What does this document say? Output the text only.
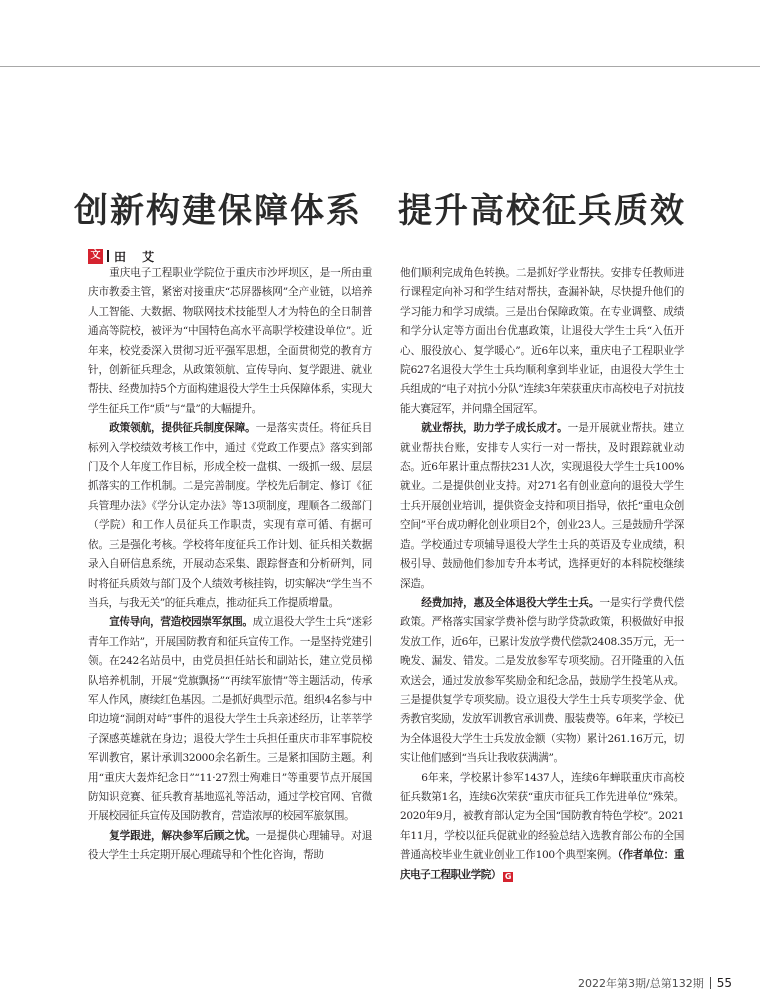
创新构建保障体系 提升高校征兵质效
文 田 艾

重庆电子工程职业学院位于重庆市沙坪坝区，是一所由重庆市教委主管，紧密对接重庆“芯屏器核网”全产业链，以培养人工智能、大数据、物联网技术技能型人才为特色的全日制普通高等院校，被评为“中国特色高水平高职学校建设单位”。近年来，校党委深入贯彻习近平强军思想，全面贯彻党的教育方针，创新征兵理念，从政策领航、宣传导向、复学跟进、就业帮扶、经费加持5个方面构建退役大学生士兵保障体系，实现大学生征兵工作“质”与“量”的大幅提升。

政策领航，提供征兵制度保障。一是落实责任。将征兵目标列入学校绩效考核工作中，通过《党政工作要点》落实到部门及个人年度工作目标，形成全校一盘棋、一级抓一级、层层抓落实的工作机制。二是完善制度。学校先后制定、修订《征兵管理办法》《学分认定办法》等13项制度，理顺各二级部门（学院）和工作人员征兵工作职责，实现有章可循、有据可依。三是强化考核。学校将年度征兵工作计划、征兵相关数据录入自研信息系统，开展动态采集、跟踪督查和分析研判，同时将征兵质效与部门及个人绩效考核挂钩，切实解决“学生当不当兵，与我无关”的征兵难点，推动征兵工作提质增量。

宣传导向，营造校园崇军氛围。成立退役大学生士兵“迷彩青年工作站”，开展国防教育和征兵宣传工作。一是坚持党建引领。在242名站员中，由党员担任站长和副站长，建立党员梯队培养机制，开展“党旗飘扬”“再续军旅情”等主题活动，传承军人作风，赓续红色基因。二是抓好典型示范。组织4名参与中印边境“洞朗对峙”事件的退役大学生士兵亲述经历，让莘莘学子深感英雄就在身边；退役大学生士兵担任重庆市非军事院校军训教官，累计承训32000余名新生。三是紧扣国防主题。利用“重庆大轰炸纪念日”“11·27烈士殉难日”等重要节点开展国防知识竞赛、征兵教育基地巡礼等活动，通过学校官网、官微开展校园征兵宣传及国防教育，营造浓厚的校园军旅氛围。

复学跟进，解决参军后顾之忧。一是提供心理辅导。对退役大学生士兵定期开展心理疏导和个性化咨询，帮助

他们顺利完成角色转换。二是抓好学业帮扶。安排专任教师进行课程定向补习和学生结对帮扶，查漏补缺，尽快提升他们的学习能力和学习成绩。三是出台保障政策。在专业调整、成绩和学分认定等方面出台优惠政策，让退役大学生士兵“入伍开心、服役放心、复学暖心”。近6年以来，重庆电子工程职业学院627名退役大学生士兵均顺利拿到毕业证，由退役大学生士兵组成的“电子对抗小分队”连续3年荣获重庆市高校电子对抗技能大赛冠军，并问鼎全国冠军。

就业帮扶，助力学子成长成才。一是开展就业帮扶。建立就业帮扶台账，安排专人实行一对一帮扶，及时跟踪就业动态。近6年累计重点帮扶231人次，实现退役大学生士兵100%就业。二是提供创业支持。对271名有创业意向的退役大学生士兵开展创业培训，提供资金支持和项目指导，依托“重电众创空间”平台成功孵化创业项目2个，创业23人。三是鼓励升学深造。学校通过专项辅导退役大学生士兵的英语及专业成绩，积极引导、鼓励他们参加专升本考试，选择更好的本科院校继续深造。

经费加持，惠及全体退役大学生士兵。一是实行学费代偿政策。严格落实国家学费补偿与助学贷款政策，积极做好申报发放工作，近6年，已累计发放学费代偿款2408.35万元，无一晚发、漏发、错发。二是发放参军专项奖励。召开隆重的入伍欢送会，通过发放参军奖励金和纪念品，鼓励学生投笔从戎。三是提供复学专项奖励。设立退役大学生士兵专项奖学金、优秀教官奖励，发放军训教官承训费、服装费等。6年来，学校已为全体退役大学生士兵发放金额（实物）累计261.16万元，切实让他们感到“当兵让我收获满满”。

6年来，学校累计参军1437人，连续6年蝉联重庆市高校征兵数第1名，连续6次荣获“重庆市征兵工作先进单位”殊荣。2020年9月，被教育部认定为全国“国防教育特色学校”。2021年11月，学校以征兵促就业的经验总结入选教育部公布的全国普通高校毕业生就业创业工作100个典型案例。（作者单位：重庆电子工程职业学院） G

2022年第3期/总第132期 55
